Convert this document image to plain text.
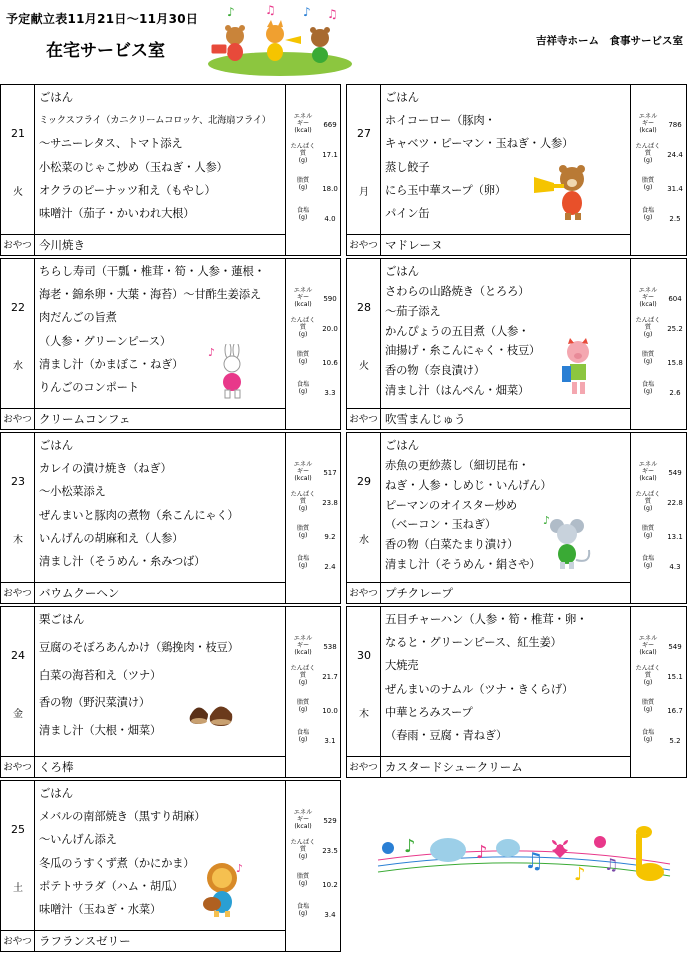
予定献立表11月21日～11月30日
在宅サービス室
♪	♫ ♪ ♫
吉祥寺ホーム　食事サービス室
21
火
ごはん
ミックスフライ（カニクリームコロッケ、北海扇フライ）
～サニーレタス、トマト添え
小松菜のじゃこ炒め（玉ねぎ・人参）
オクラのピーナッツ和え（もやし）
味噌汁（茄子・かいわれ大根）
エネル
ギー
(kcal)
669
たんぱく
質
(g)
17.1
脂質
(g)	18.0
食塩
(g)	4.0
おやつ 今川焼き
22
水
ちらし寿司（干瓢・椎茸・筍・人参・蓮根・
海老・錦糸卵・大葉・海苔）～甘酢生姜添え
肉だんごの旨煮
（人参・グリーンピース）
清まし汁（かまぼこ・ねぎ）
りんごのコンポート
エネル
ギー
(kcal)
590
たんぱく
質
(g)
20.0
脂質
(g)	10.6
食塩
(g)	3.3
おやつ クリームコンフェ
23
木
ごはん
カレイの漬け焼き（ねぎ）
～小松菜添え
ぜんまいと豚肉の煮物（糸こんにゃく）
いんげんの胡麻和え（人参）
清まし汁（そうめん・糸みつば）
エネル
ギー
(kcal)
517
たんぱく
質
(g)
23.8
脂質
(g)	9.2
食塩
(g)	2.4
おやつ バウムクーヘン
24
金
栗ごはん
豆腐のそぼろあんかけ（鶏挽肉・枝豆）
白菜の海苔和え（ツナ）
香の物（野沢菜漬け）
清まし汁（大根・畑菜）
エネル
ギー
(kcal)
538
たんぱく
質
(g)
21.7
脂質
(g)	10.0
食塩
(g)	3.1
おやつ くろ棒
25
土
ごはん
メバルの南部焼き（黒すり胡麻）
～いんげん添え
冬瓜のうすくず煮（かにかま）
ポテトサラダ（ハム・胡瓜）
味噌汁（玉ねぎ・水菜）
エネル
ギー
(kcal)
529
たんぱく
質
(g)
23.5
脂質
(g)	10.2
食塩
(g)	3.4
おやつ ラフランスゼリー
27
月
ごはん
ホイコーロー（豚肉・
キャベツ・ピーマン・玉ねぎ・人参）
蒸し餃子
にら玉中華スープ（卵）
パイン缶
エネル
ギー
(kcal)
786
たんぱく
質
(g)
24.4
脂質
(g)	31.4
食塩
(g)	2.5
おやつ マドレーヌ
28
火
ごはん
さわらの山路焼き（とろろ）
～茄子添え
かんぴょうの五目煮（人参・
油揚げ・糸こんにゃく・枝豆）
香の物（奈良漬け）
清まし汁（はんぺん・畑菜）
エネル
ギー
(kcal)
604
たんぱく
質
(g)
25.2
脂質
(g)	15.8
食塩
(g)	2.6
おやつ 吹雪まんじゅう
29
水
ごはん
赤魚の更紗蒸し（細切昆布・
ねぎ・人参・しめじ・いんげん）
ピーマンのオイスター炒め
（ベーコン・玉ねぎ）
香の物（白菜たまり漬け）
清まし汁（そうめん・絹さや）
エネル
ギー
(kcal)
549
たんぱく
質
(g)
22.8
脂質
(g)	13.1
食塩
(g)	4.3
おやつ プチクレープ
30
木
五目チャーハン（人参・筍・椎茸・卵・
なると・グリーンピース、紅生姜）
大焼売
ぜんまいのナムル（ツナ・きくらげ）
中華とろみスープ
（春雨・豆腐・青ねぎ）
エネル
ギー
(kcal)
549
たんぱく
質
(g)
15.1
脂質
(g)	16.7
食塩
(g)	5.2
おやつ カスタードシュークリーム
♪
♪
♪
♪	♪ ♫
♪ ♫
